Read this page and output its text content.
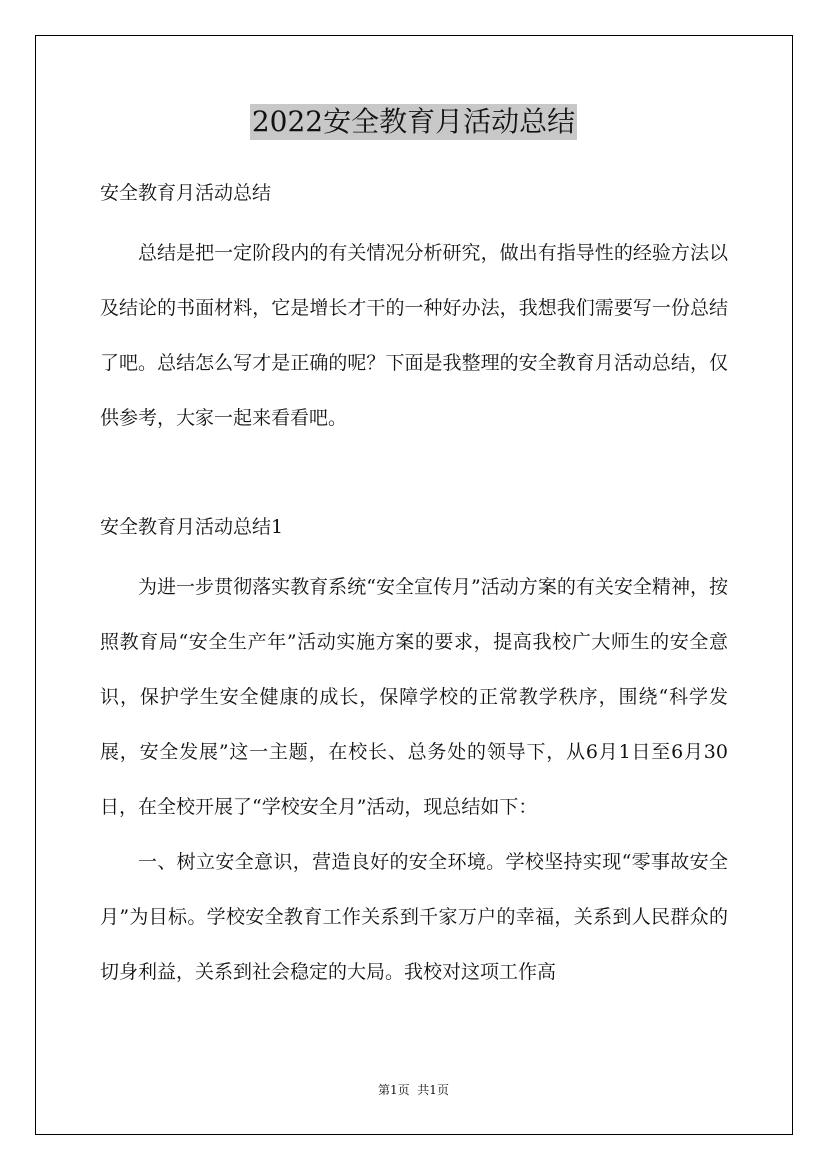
2022安全教育月活动总结

安全教育月活动总结

总结是把一定阶段内的有关情况分析研究，做出有指导性的经验方法以及结论的书面材料，它是增长才干的一种好办法，我想我们需要写一份总结了吧。总结怎么写才是正确的呢？下面是我整理的安全教育月活动总结，仅供参考，大家一起来看看吧。

安全教育月活动总结1

为进一步贯彻落实教育系统“安全宣传月”活动方案的有关安全精神，按照教育局“安全生产年”活动实施方案的要求，提高我校广大师生的安全意识，保护学生安全健康的成长，保障学校的正常教学秩序，围绕“科学发展，安全发展”这一主题，在校长、总务处的领导下，从6月1日至6月30日，在全校开展了“学校安全月”活动，现总结如下：

一、树立安全意识，营造良好的安全环境。学校坚持实现“零事故安全月”为目标。学校安全教育工作关系到千家万户的幸福，关系到人民群众的切身利益，关系到社会稳定的大局。我校对这项工作高

第1页  共1页
